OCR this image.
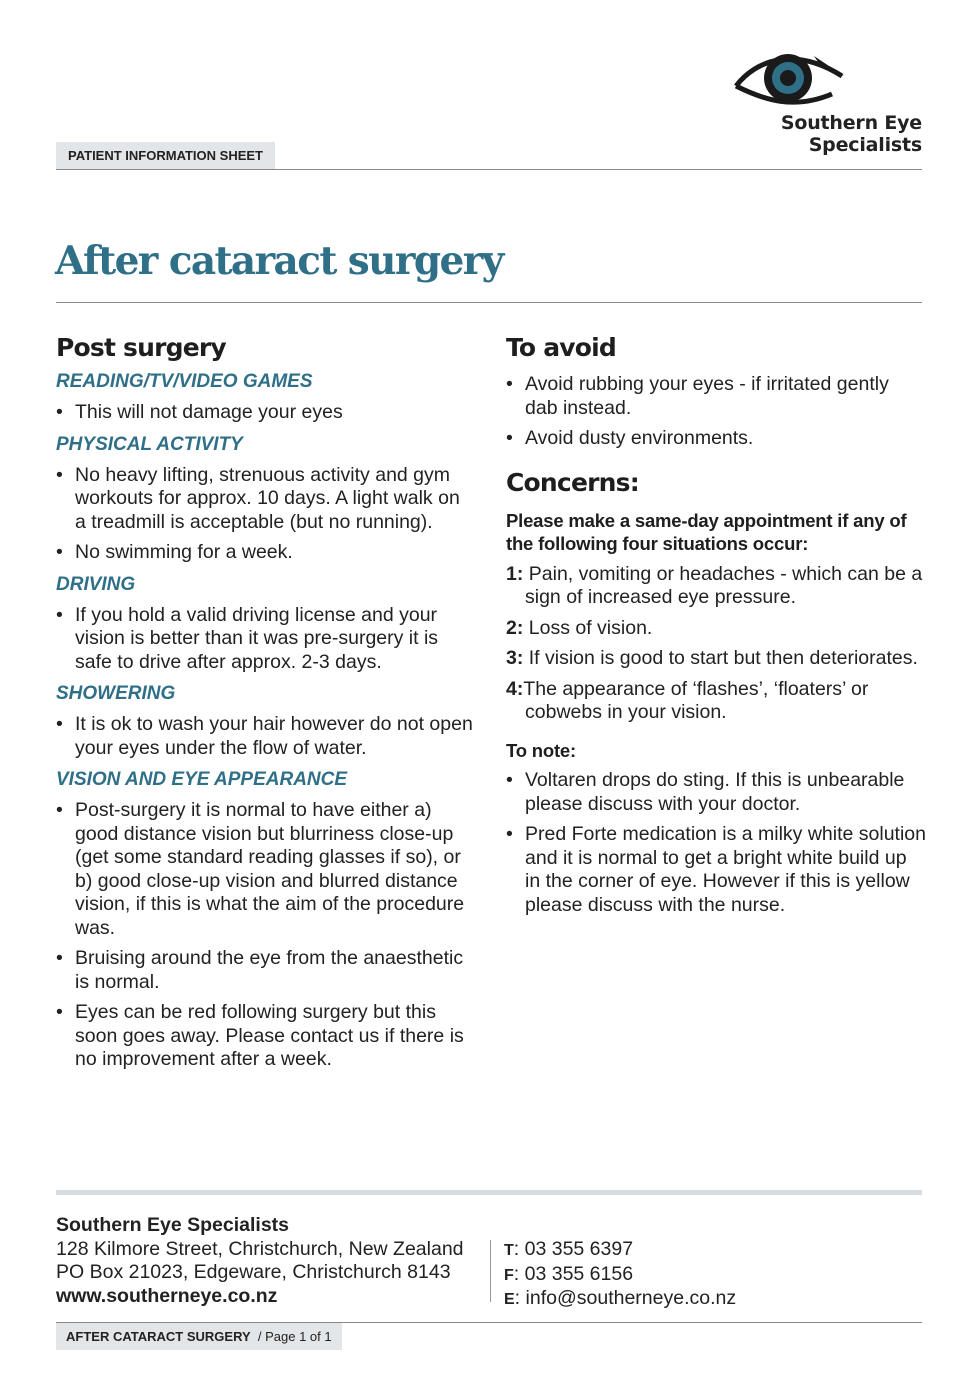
Southern Eye Specialists
PATIENT INFORMATION SHEET
After cataract surgery
Post surgery
READING/TV/VIDEO GAMES
• This will not damage your eyes
PHYSICAL ACTIVITY
• No heavy lifting, strenuous activity and gym workouts for approx. 10 days. A light walk on a treadmill is acceptable (but no running).
• No swimming for a week.
DRIVING
• If you hold a valid driving license and your vision is better than it was pre-surgery it is safe to drive after approx. 2-3 days.
SHOWERING
• It is ok to wash your hair however do not open your eyes under the flow of water.
VISION AND EYE APPEARANCE
• Post-surgery it is normal to have either a) good distance vision but blurriness close-up (get some standard reading glasses if so), or b) good close-up vision and blurred distance vision, if this is what the aim of the procedure was.
• Bruising around the eye from the anaesthetic is normal.
• Eyes can be red following surgery but this soon goes away. Please contact us if there is no improvement after a week.
To avoid
• Avoid rubbing your eyes - if irritated gently dab instead.
• Avoid dusty environments.
Concerns:

Please make a same-day appointment if any of the following four situations occur:

1: Pain, vomiting or headaches - which can be a sign of increased eye pressure.
2: Loss of vision.
3: If vision is good to start but then deteriorates.
4:The appearance of ‘flashes’, ‘floaters’ or cobwebs in your vision.

To note:

• Voltaren drops do sting. If this is unbearable please discuss with your doctor.
• Pred Forte medication is a milky white solution and it is normal to get a bright white build up in the corner of eye. However if this is yellow please discuss with the nurse.
Southern Eye Specialists
128 Kilmore Street, Christchurch, New Zealand
PO Box 21023, Edgeware, Christchurch 8143
www.southerneye.co.nz
T: 03 355 6397
F: 03 355 6156
E: info@southerneye.co.nz
AFTER CATARACT SURGERY  / Page 1 of 1
